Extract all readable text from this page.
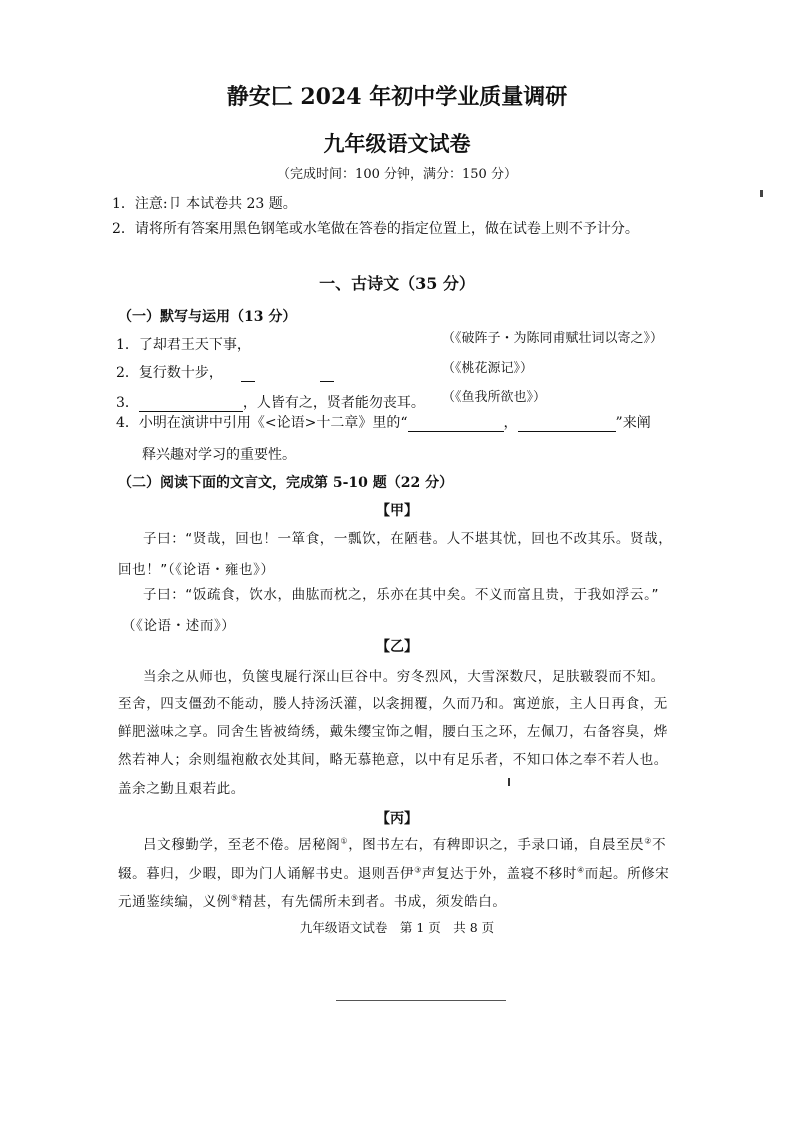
静安匚 2024 年初中学业质量调研
九年级语文试卷
（完成时间：100 分钟，满分：150 分）
1．注意:卩 本试卷共 23 题。
2．请将所有答案用黑色钢笔或水笔做在答卷的指定位置上，做在试卷上则不予计分。
一、古诗文（35 分）
（一）默写与运用（13 分）
1．了却君王天下事，	（《破阵子・为陈同甫赋壮词以寄之》）
2．复行数十步，	（《桃花源记》）
3．	，人皆有之，贤者能勿丧耳。 （《鱼我所欲也》）
4．小明在演讲中引用《<论语>十二章》里的“	，	”来阐
释兴趣对学习的重要性。
（二）阅读下面的文言文，完成第 5-10 题（22 分）
【甲】
子曰：“贤哉，回也！一箪食，一瓢饮，在陋巷。人不堪其忧，回也不改其乐。贤哉，
回也！”（《论语・雍也》）
子曰：“饭疏食，饮水，曲肱而枕之，乐亦在其中矣。不义而富且贵，于我如浮云。”
（《论语・述而》）
【乙】
当余之从师也，负箧曳屣行深山巨谷中。穷冬烈风，大雪深数尺，足肤皲裂而不知。
至舍，四支僵劲不能动，媵人持汤沃灌，以衾拥覆，久而乃和。寓逆旅，主人日再食，无
鲜肥滋味之享。同舍生皆被绮绣，戴朱缨宝饰之帽，腰白玉之环，左佩刀，右备容臭，烨
然若神人；余则缊袍敝衣处其间，略无慕艳意，以中有足乐者，不知口体之奉不若人也。
盖余之勤且艰若此。
【丙】
吕文穆勤学，至老不倦。居秘阁①，图书左右，有稗即识之，手录口诵，自晨至昃②不
辍。暮归，少暇，即为门人诵解书史。退则吾伊③声复达于外，盖寝不移时④而起。所修宋
元通鉴续编，义例⑤精甚，有先儒所未到者。书成，须发皓白。
九年级语文试卷　第 1 页　共 8 页
